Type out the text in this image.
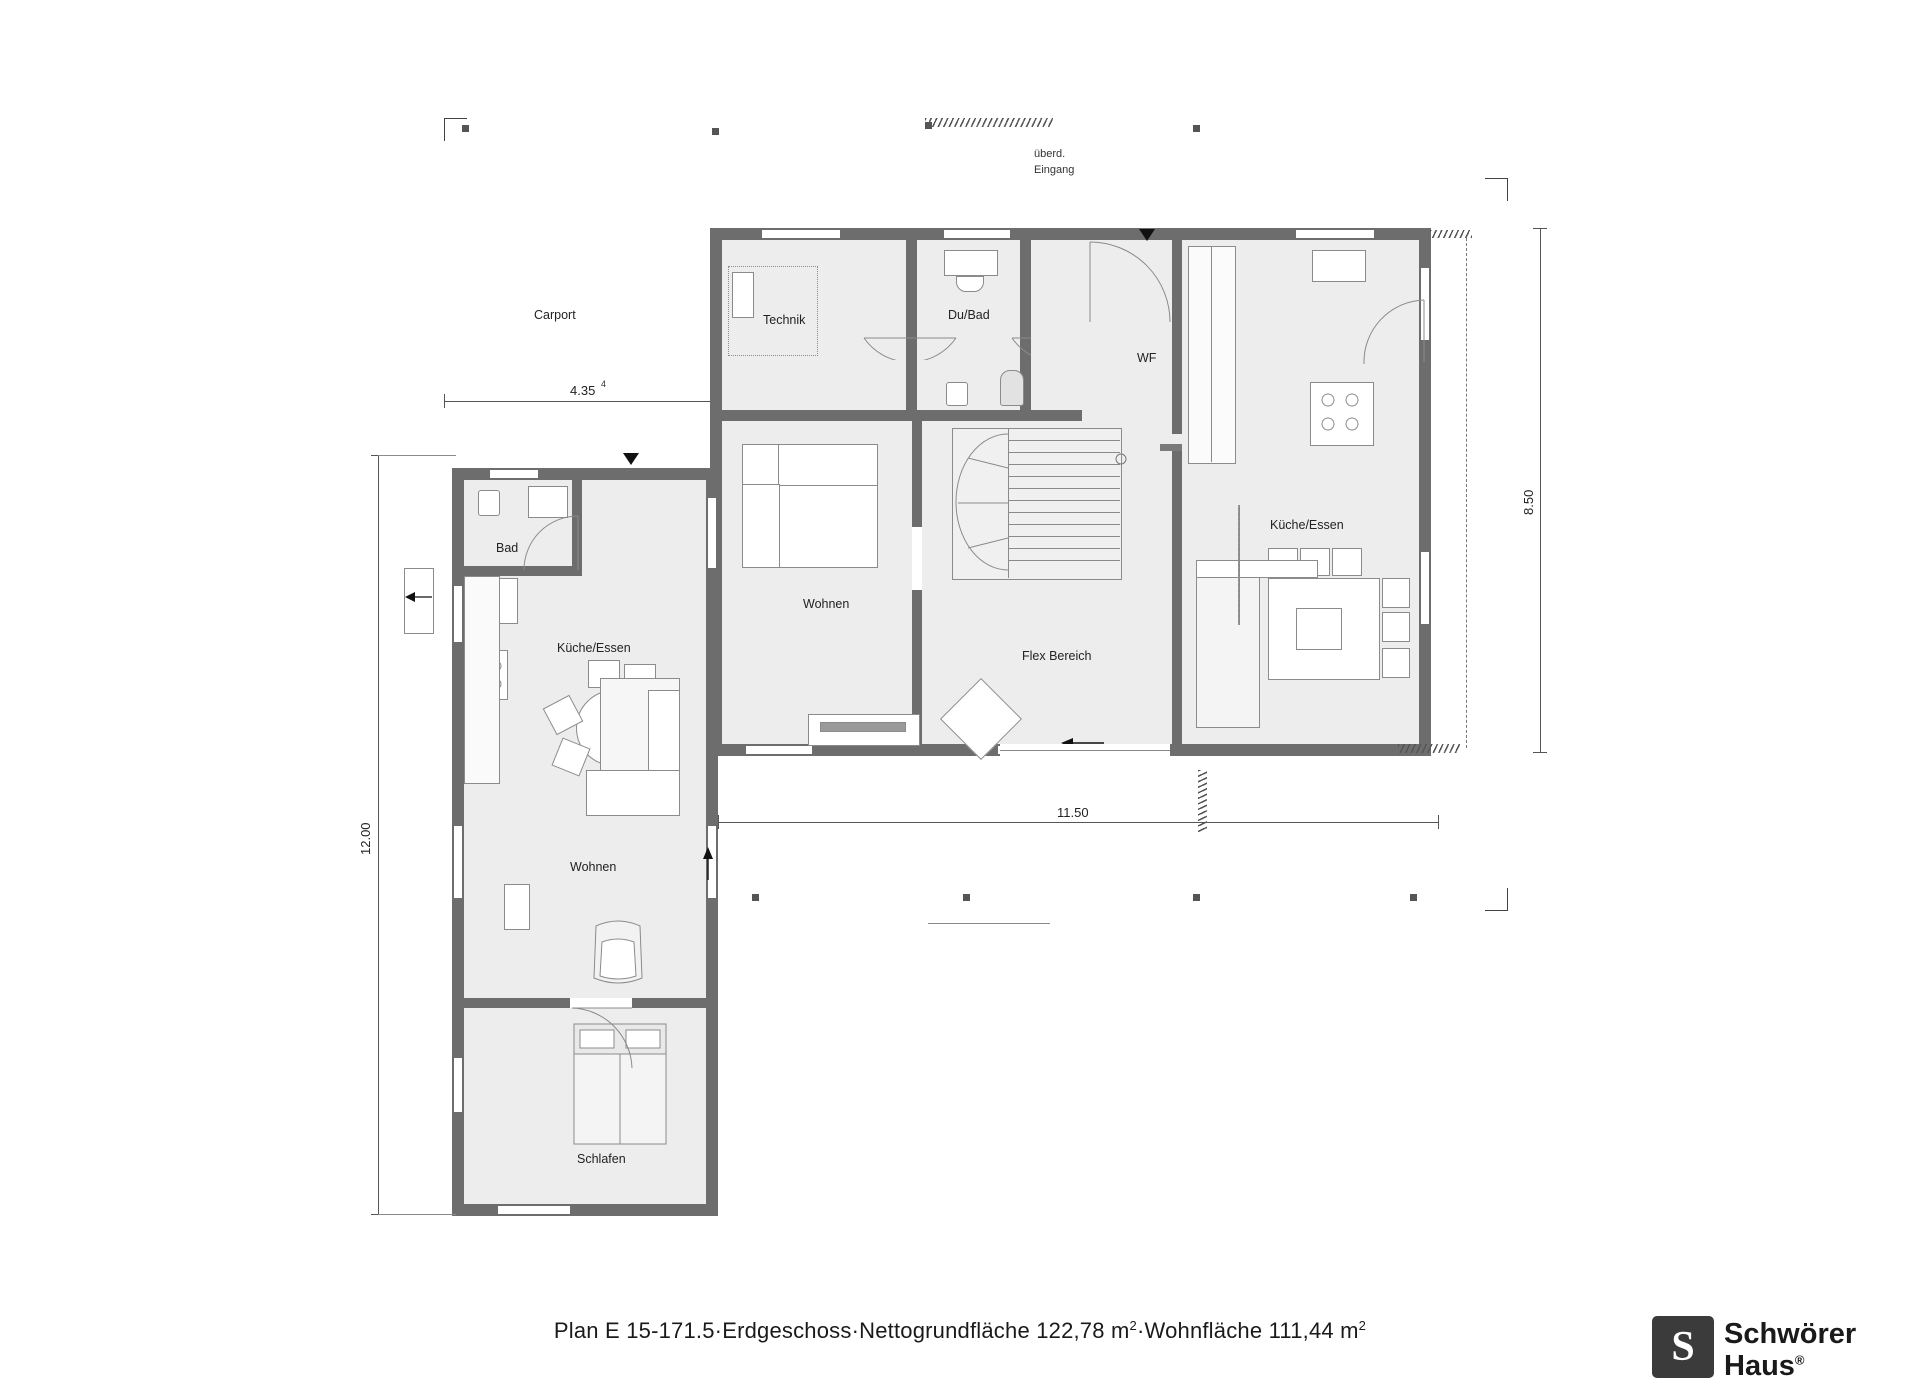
überd.
Eingang
12.00
8.50
4.35 4
11.50
Carport	Technik	Du/Bad
WF
Küche/Essen
Wohnen
Flex Bereich
Bad
Küche/Essen
Wohnen
Schlafen
Plan E 15-171.5·Erdgeschoss·Nettogrundfläche 122,78 $m^2\cdot Wohnfläche$ 111,44 $m^2$	S	Schwörer
Haus®
